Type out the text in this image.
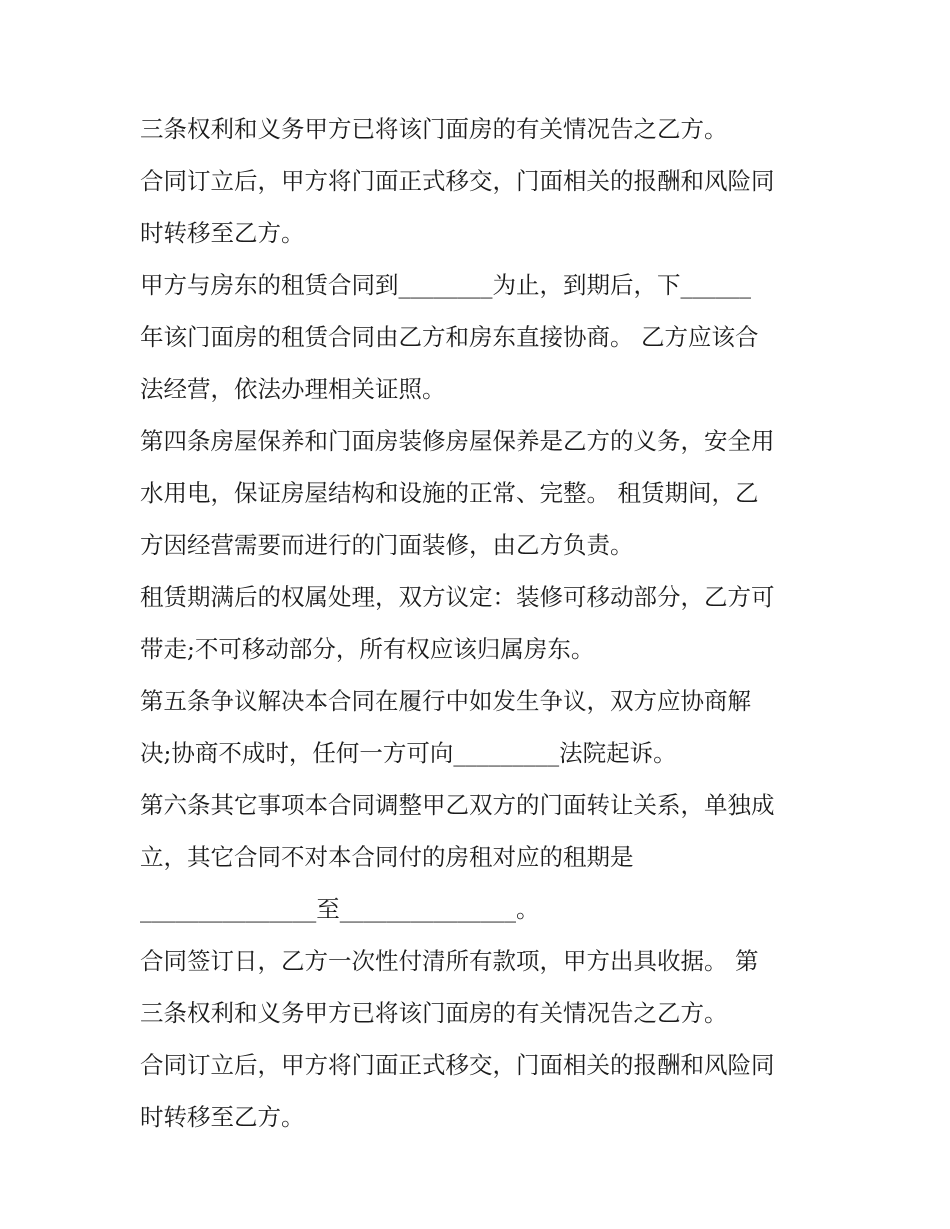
三条权利和义务甲方已将该门面房的有关情况告之乙方。
合同订立后，甲方将门面正式移交，门面相关的报酬和风险同
时转移至乙方。
甲方与房东的租赁合同到________为止，到期后，下______
年该门面房的租赁合同由乙方和房东直接协商。 乙方应该合
法经营，依法办理相关证照。
第四条房屋保养和门面房装修房屋保养是乙方的义务，安全用
水用电，保证房屋结构和设施的正常、完整。 租赁期间，乙
方因经营需要而进行的门面装修，由乙方负责。
租赁期满后的权属处理，双方议定：装修可移动部分，乙方可
带走;不可移动部分，所有权应该归属房东。
第五条争议解决本合同在履行中如发生争议，双方应协商解
决;协商不成时，任何一方可向_________法院起诉。
第六条其它事项本合同调整甲乙双方的门面转让关系，单独成
立，其它合同不对本合同付的房租对应的租期是
_______________至_______________。
合同签订日，乙方一次性付清所有款项，甲方出具收据。 第
三条权利和义务甲方已将该门面房的有关情况告之乙方。
合同订立后，甲方将门面正式移交，门面相关的报酬和风险同
时转移至乙方。
